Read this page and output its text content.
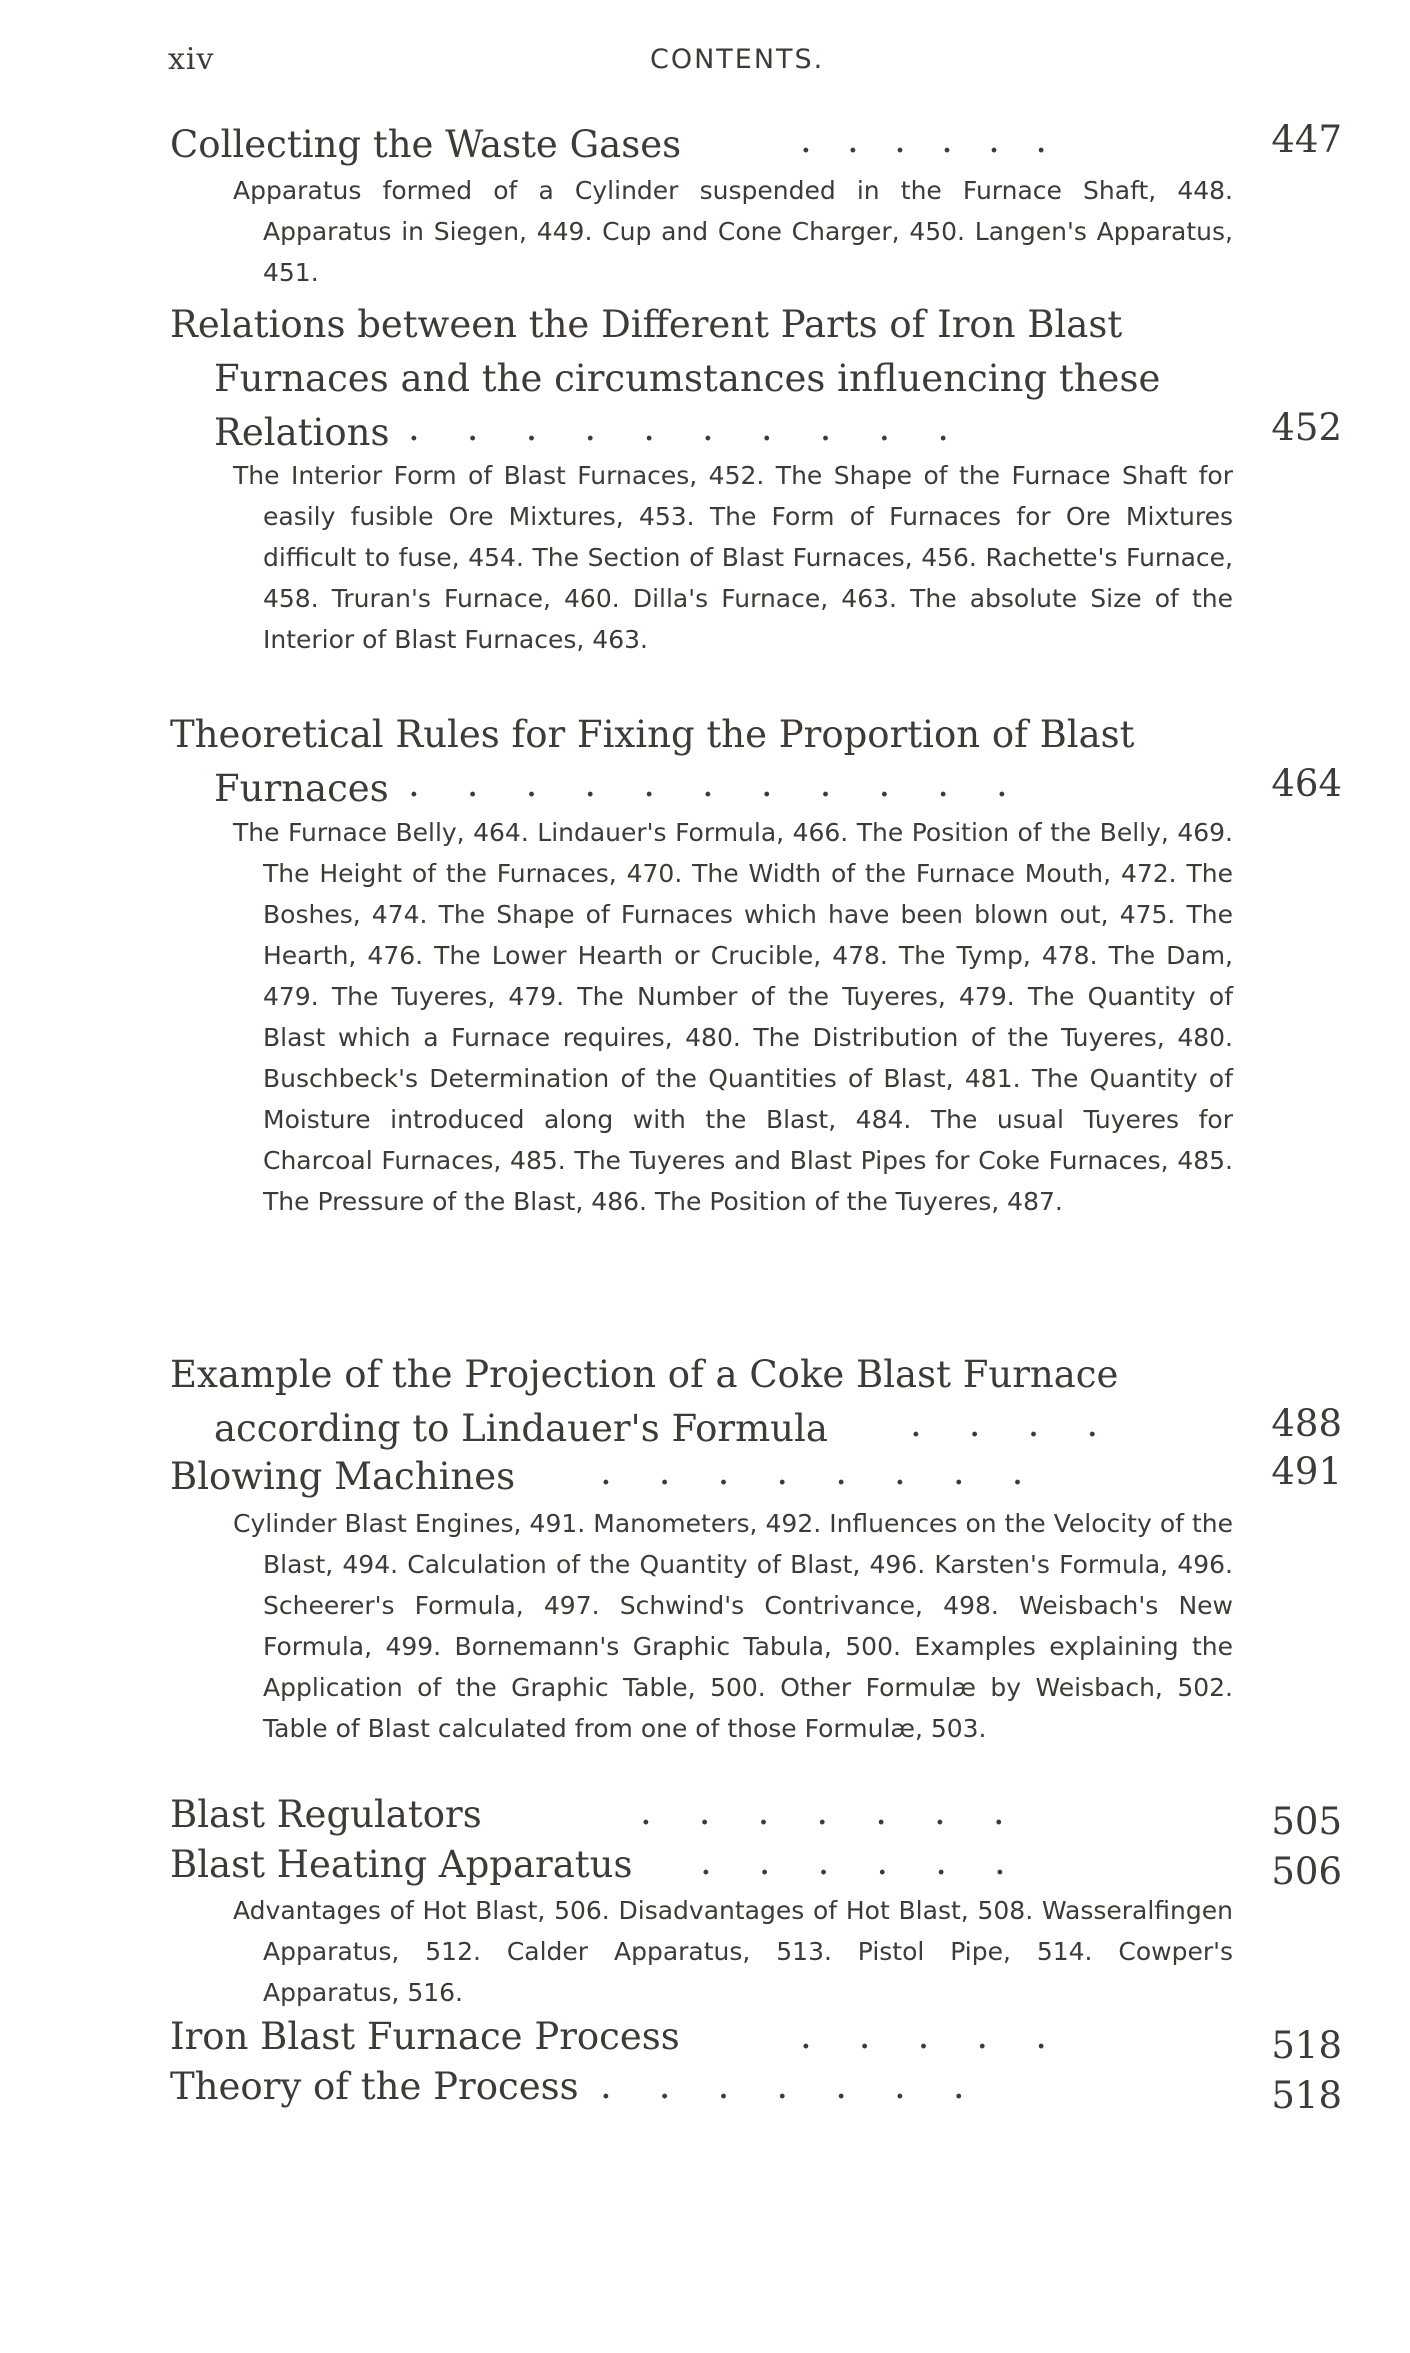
xiv	CONTENTS.
Collecting the Waste Gases	.   .   .   .   .   .	447
Apparatus formed of a Cylinder suspended in the Furnace Shaft, 448. Apparatus in Siegen, 449. Cup and Cone Charger, 450. Langen's Apparatus, 451.
Relations between the Different Parts of Iron Blast
Furnaces and the circumstances influencing these
Relations .    .    .    .    .    .    .    .    .    .	452
The Interior Form of Blast Furnaces, 452. The Shape of the Furnace Shaft for easily fusible Ore Mixtures, 453. The Form of Furnaces for Ore Mixtures difficult to fuse, 454. The Section of Blast Furnaces, 456. Rachette's Furnace, 458. Truran's Furnace, 460. Dilla's Furnace, 463. The absolute Size of the Interior of Blast Furnaces, 463.
Theoretical Rules for Fixing the Proportion of Blast
Furnaces .    .    .    .    .    .    .    .    .    .    .	464
The Furnace Belly, 464. Lindauer's Formula, 466. The Position of the Belly, 469. The Height of the Furnaces, 470. The Width of the Furnace Mouth, 472. The Boshes, 474. The Shape of Furnaces which have been blown out, 475. The Hearth, 476. The Lower Hearth or Crucible, 478. The Tymp, 478. The Dam, 479. The Tuyeres, 479. The Number of the Tuyeres, 479. The Quantity of Blast which a Furnace requires, 480. The Distribution of the Tuyeres, 480. Buschbeck's Determination of the Quantities of Blast, 481. The Quantity of Moisture introduced along with the Blast, 484. The usual Tuyeres for Charcoal Furnaces, 485. The Tuyeres and Blast Pipes for Coke Furnaces, 485. The Pressure of the Blast, 486. The Position of the Tuyeres, 487.
Example of the Projection of a Coke Blast Furnace
according to Lindauer's Formula	.    .    .    .	488
Blowing Machines	.    .    .    .    .    .    .    .	491
Cylinder Blast Engines, 491. Manometers, 492. Influences on the Velocity of the Blast, 494. Calculation of the Quantity of Blast, 496. Karsten's Formula, 496. Scheerer's Formula, 497. Schwind's Contrivance, 498. Weisbach's New Formula, 499. Bornemann's Graphic Tabula, 500. Examples explaining the Application of the Graphic Table, 500. Other Formulæ by Weisbach, 502. Table of Blast calculated from one of those Formulæ, 503.
Blast Regulators	.    .    .    .    .    .    .	505
Blast Heating Apparatus	.    .    .    .    .    .	506
Advantages of Hot Blast, 506. Disadvantages of Hot Blast, 508. Wasseralfingen Apparatus, 512. Calder Apparatus, 513. Pistol Pipe, 514. Cowper's Apparatus, 516.
Iron Blast Furnace Process	.    .    .    .    .	518
Theory of the Process .    .    .    .    .    .    .	518
